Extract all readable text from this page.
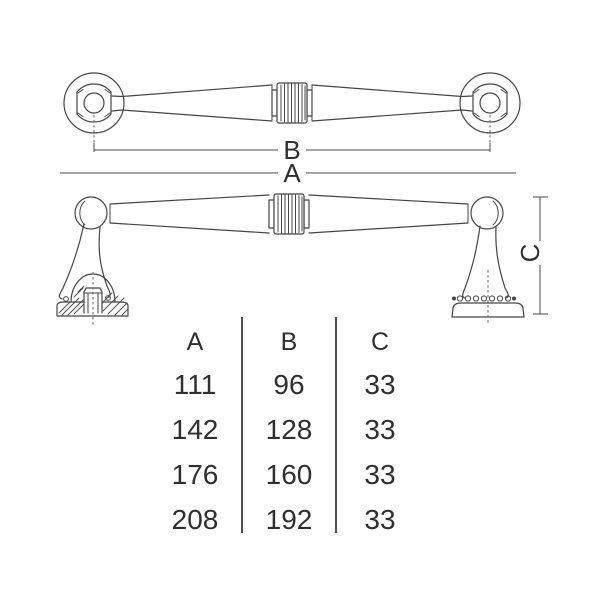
B
A
C
A	B	C
111	96	33
142	128	33
176	160	33
208	192	33
